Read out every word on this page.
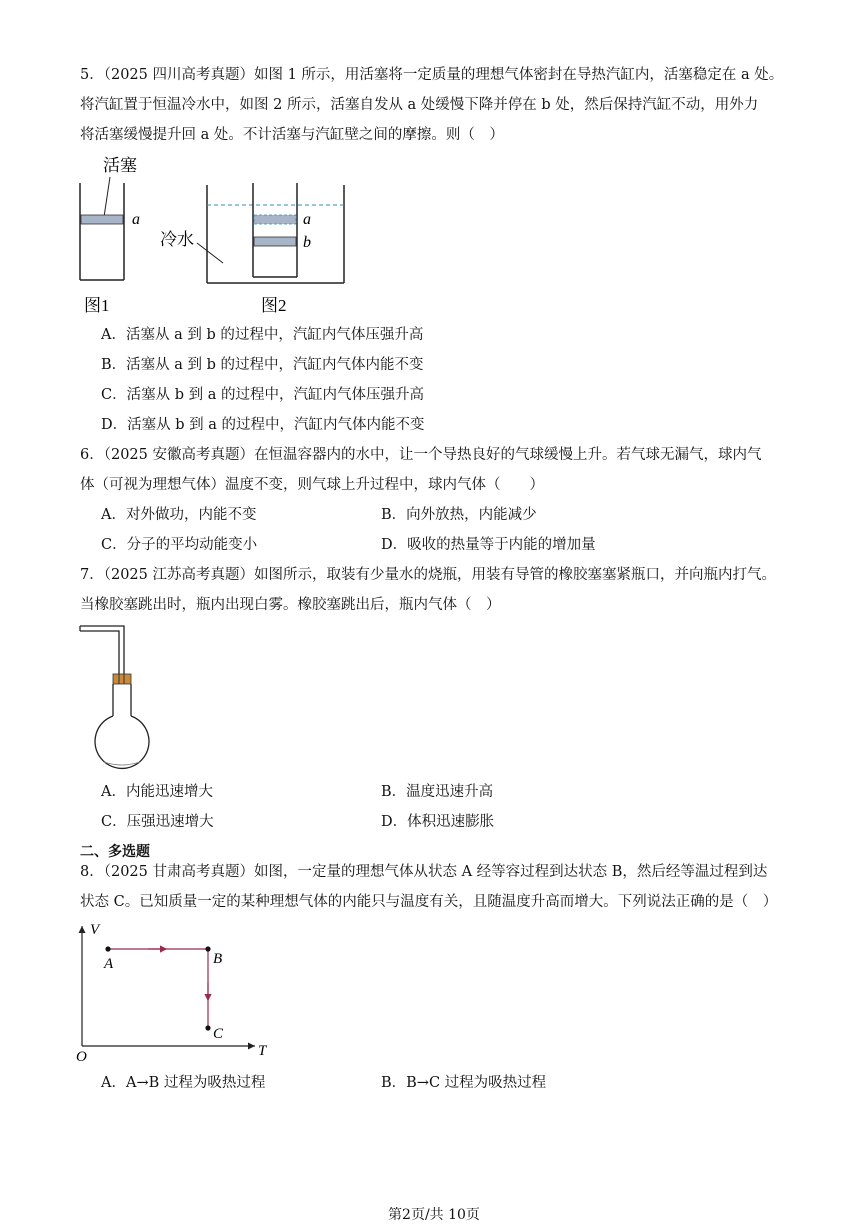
5．（2025 四川高考真题）如图 1 所示，用活塞将一定质量的理想气体密封在导热汽缸内，活塞稳定在 a 处。
将汽缸置于恒温冷水中，如图 2 所示，活塞自发从 a 处缓慢下降并停在 b 处，然后保持汽缸不动，用外力
将活塞缓慢提升回 a 处。不计活塞与汽缸壁之间的摩擦。则（　）
活塞
a
图1
a
b
冷水
图2
A．活塞从 a 到 b 的过程中，汽缸内气体压强升高
B．活塞从 a 到 b 的过程中，汽缸内气体内能不变
C．活塞从 b 到 a 的过程中，汽缸内气体压强升高
D．活塞从 b 到 a 的过程中，汽缸内气体内能不变
6．（2025 安徽高考真题）在恒温容器内的水中，让一个导热良好的气球缓慢上升。若气球无漏气，球内气
体（可视为理想气体）温度不变，则气球上升过程中，球内气体（　　）
A．对外做功，内能不变	B．向外放热，内能减少
C．分子的平均动能变小	D．吸收的热量等于内能的增加量
7．（2025 江苏高考真题）如图所示，取装有少量水的烧瓶，用装有导管的橡胶塞塞紧瓶口，并向瓶内打气。
当橡胶塞跳出时，瓶内出现白雾。橡胶塞跳出后，瓶内气体（　）
A．内能迅速增大	B．温度迅速升高
C．压强迅速增大	D．体积迅速膨胀
二、多选题
8．（2025 甘肃高考真题）如图，一定量的理想气体从状态 A 经等容过程到达状态 B，然后经等温过程到达
状态 C。已知质量一定的某种理想气体的内能只与温度有关，且随温度升高而增大。下列说法正确的是（　）
V
T
O
A	B
C
A．A→B 过程为吸热过程	B．B→C 过程为吸热过程
第2页/共 10页
